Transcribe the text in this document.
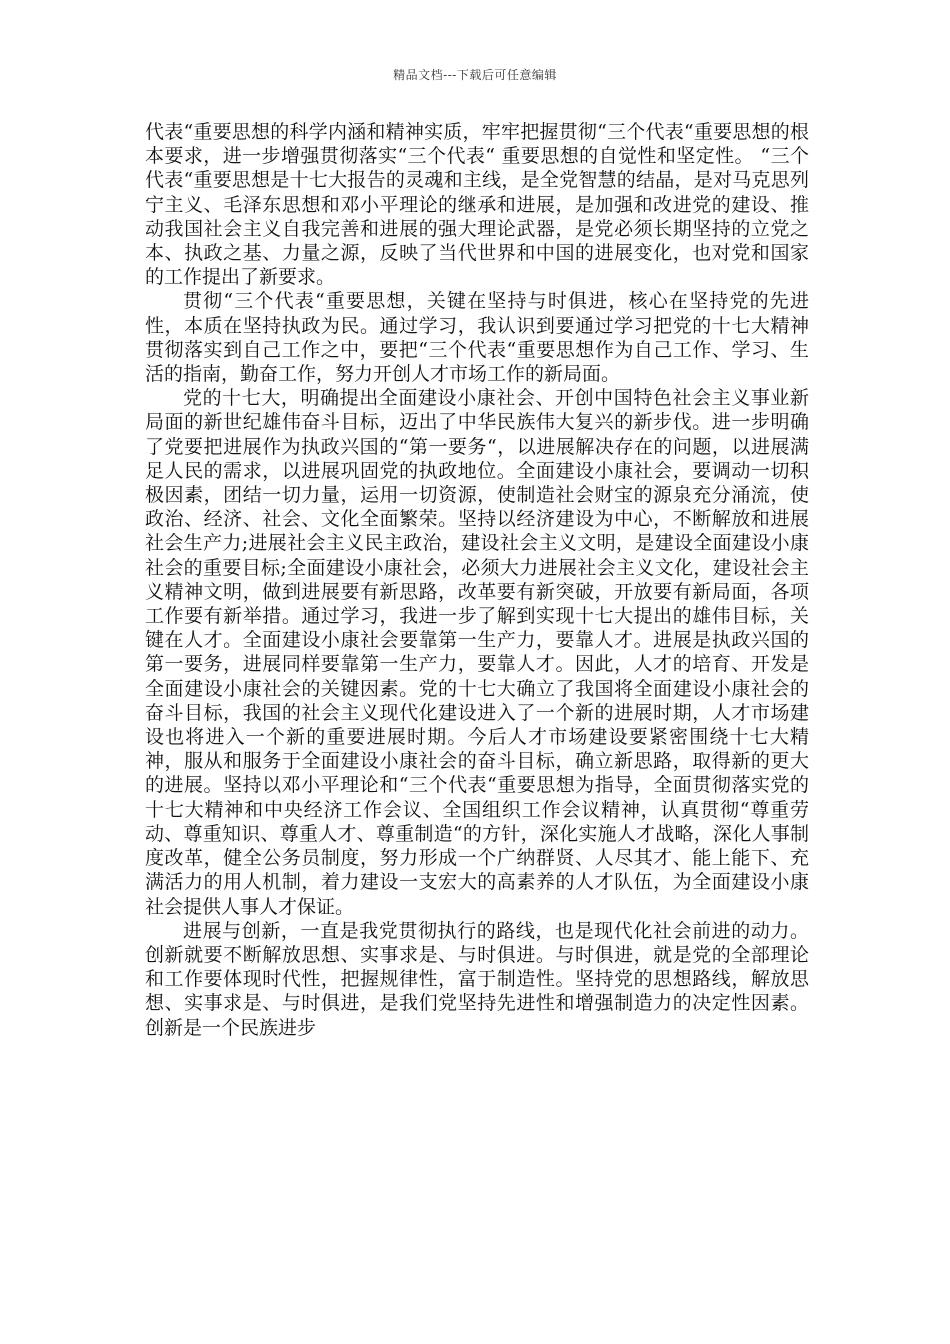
精品文档---下载后可任意编辑

代表“重要思想的科学内涵和精神实质，牢牢把握贯彻“三个代表“重要思想的根本要求，进一步增强贯彻落实“三个代表“ 重要思想的自觉性和坚定性。 “三个代表“重要思想是十七大报告的灵魂和主线，是全党智慧的结晶，是对马克思列宁主义、毛泽东思想和邓小平理论的继承和进展，是加强和改进党的建设、推动我国社会主义自我完善和进展的强大理论武器，是党必须长期坚持的立党之本、执政之基、力量之源，反映了当代世界和中国的进展变化，也对党和国家的工作提出了新要求。

贯彻“三个代表“重要思想，关键在坚持与时俱进，核心在坚持党的先进性，本质在坚持执政为民。通过学习，我认识到要通过学习把党的十七大精神贯彻落实到自己工作之中，要把“三个代表“重要思想作为自己工作、学习、生活的指南，勤奋工作，努力开创人才市场工作的新局面。

党的十七大，明确提出全面建设小康社会、开创中国特色社会主义事业新局面的新世纪雄伟奋斗目标，迈出了中华民族伟大复兴的新步伐。进一步明确了党要把进展作为执政兴国的“第一要务“，以进展解决存在的问题，以进展满足人民的需求，以进展巩固党的执政地位。全面建设小康社会，要调动一切积极因素，团结一切力量，运用一切资源，使制造社会财宝的源泉充分涌流，使政治、经济、社会、文化全面繁荣。坚持以经济建设为中心，不断解放和进展社会生产力;进展社会主义民主政治，建设社会主义文明，是建设全面建设小康社会的重要目标;全面建设小康社会，必须大力进展社会主义文化，建设社会主义精神文明，做到进展要有新思路，改革要有新突破，开放要有新局面，各项工作要有新举措。通过学习，我进一步了解到实现十七大提出的雄伟目标，关键在人才。全面建设小康社会要靠第一生产力，要靠人才。进展是执政兴国的第一要务，进展同样要靠第一生产力，要靠人才。因此，人才的培育、开发是全面建设小康社会的关键因素。党的十七大确立了我国将全面建设小康社会的奋斗目标，我国的社会主义现代化建设进入了一个新的进展时期，人才市场建设也将进入一个新的重要进展时期。今后人才市场建设要紧密围绕十七大精神，服从和服务于全面建设小康社会的奋斗目标，确立新思路，取得新的更大的进展。坚持以邓小平理论和“三个代表“重要思想为指导，全面贯彻落实党的十七大精神和中央经济工作会议、全国组织工作会议精神，认真贯彻“尊重劳动、尊重知识、尊重人才、尊重制造“的方针，深化实施人才战略，深化人事制度改革，健全公务员制度，努力形成一个广纳群贤、人尽其才、能上能下、充满活力的用人机制，着力建设一支宏大的高素养的人才队伍，为全面建设小康社会提供人事人才保证。

进展与创新，一直是我党贯彻执行的路线，也是现代化社会前进的动力。创新就要不断解放思想、实事求是、与时俱进。与时俱进，就是党的全部理论和工作要体现时代性，把握规律性，富于制造性。坚持党的思想路线，解放思想、实事求是、与时俱进，是我们党坚持先进性和增强制造力的决定性因素。创新是一个民族进步
